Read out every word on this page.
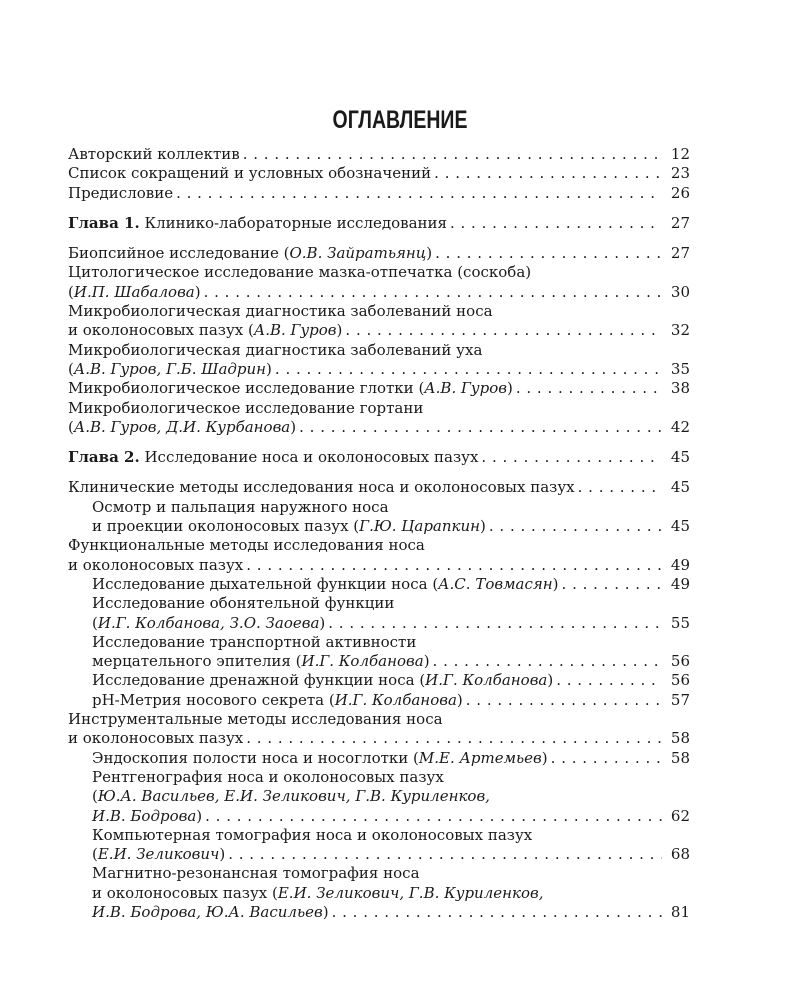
ОГЛАВЛЕНИЕ
Авторский коллектив . . .	12
Список сокращений и условных обозначений . . .	23
Предисловие . . .	26
Глава 1. Клинико-лабораторные исследования . . .	27
Биопсийное исследование (О.В. Зайратьянц) . . .	27
Цитологическое исследование мазка-отпечатка (соскоба)
(И.П. Шабалова) . . .	30
Микробиологическая диагностика заболеваний носа
и околоносовых пазух (А.В. Гуров) . . .	32
Микробиологическая диагностика заболеваний уха
(А.В. Гуров, Г.Б. Шадрин) . . .	35
Микробиологическое исследование глотки (А.В. Гуров) . . .	38
Микробиологическое исследование гортани
(А.В. Гуров, Д.И. Курбанова) . . .	42
Глава 2. Исследование носа и околоносовых пазух . . .	45
Клинические методы исследования носа и околоносовых пазух . . .	45
Осмотр и пальпация наружного носа
и проекции околоносовых пазух (Г.Ю. Царапкин) . . .	45
Функциональные методы исследования носа
и околоносовых пазух . . .	49
Исследование дыхательной функции носа (А.С. Товмасян) . . .	49
Исследование обонятельной функции
(И.Г. Колбанова, З.О. Заоева) . . .	55
Исследование транспортной активности
мерцательного эпителия (И.Г. Колбанова) . . .	56
Исследование дренажной функции носа (И.Г. Колбанова) . . .	56
pH-Метрия носового секрета (И.Г. Колбанова) . . .	57
Инструментальные методы исследования носа
и околоносовых пазух . . .	58
Эндоскопия полости носа и носоглотки (М.Е. Артемьев) . . .	58
Рентгенография носа и околоносовых пазух
(Ю.А. Васильев, Е.И. Зеликович, Г.В. Куриленков,
И.В. Бодрова) . . .	62
Компьютерная томография носа и околоносовых пазух
(Е.И. Зеликович) . . .	68
Магнитно-резонансная томография носа
и околоносовых пазух (Е.И. Зеликович, Г.В. Куриленков,
И.В. Бодрова, Ю.А. Васильев) . . .	81
